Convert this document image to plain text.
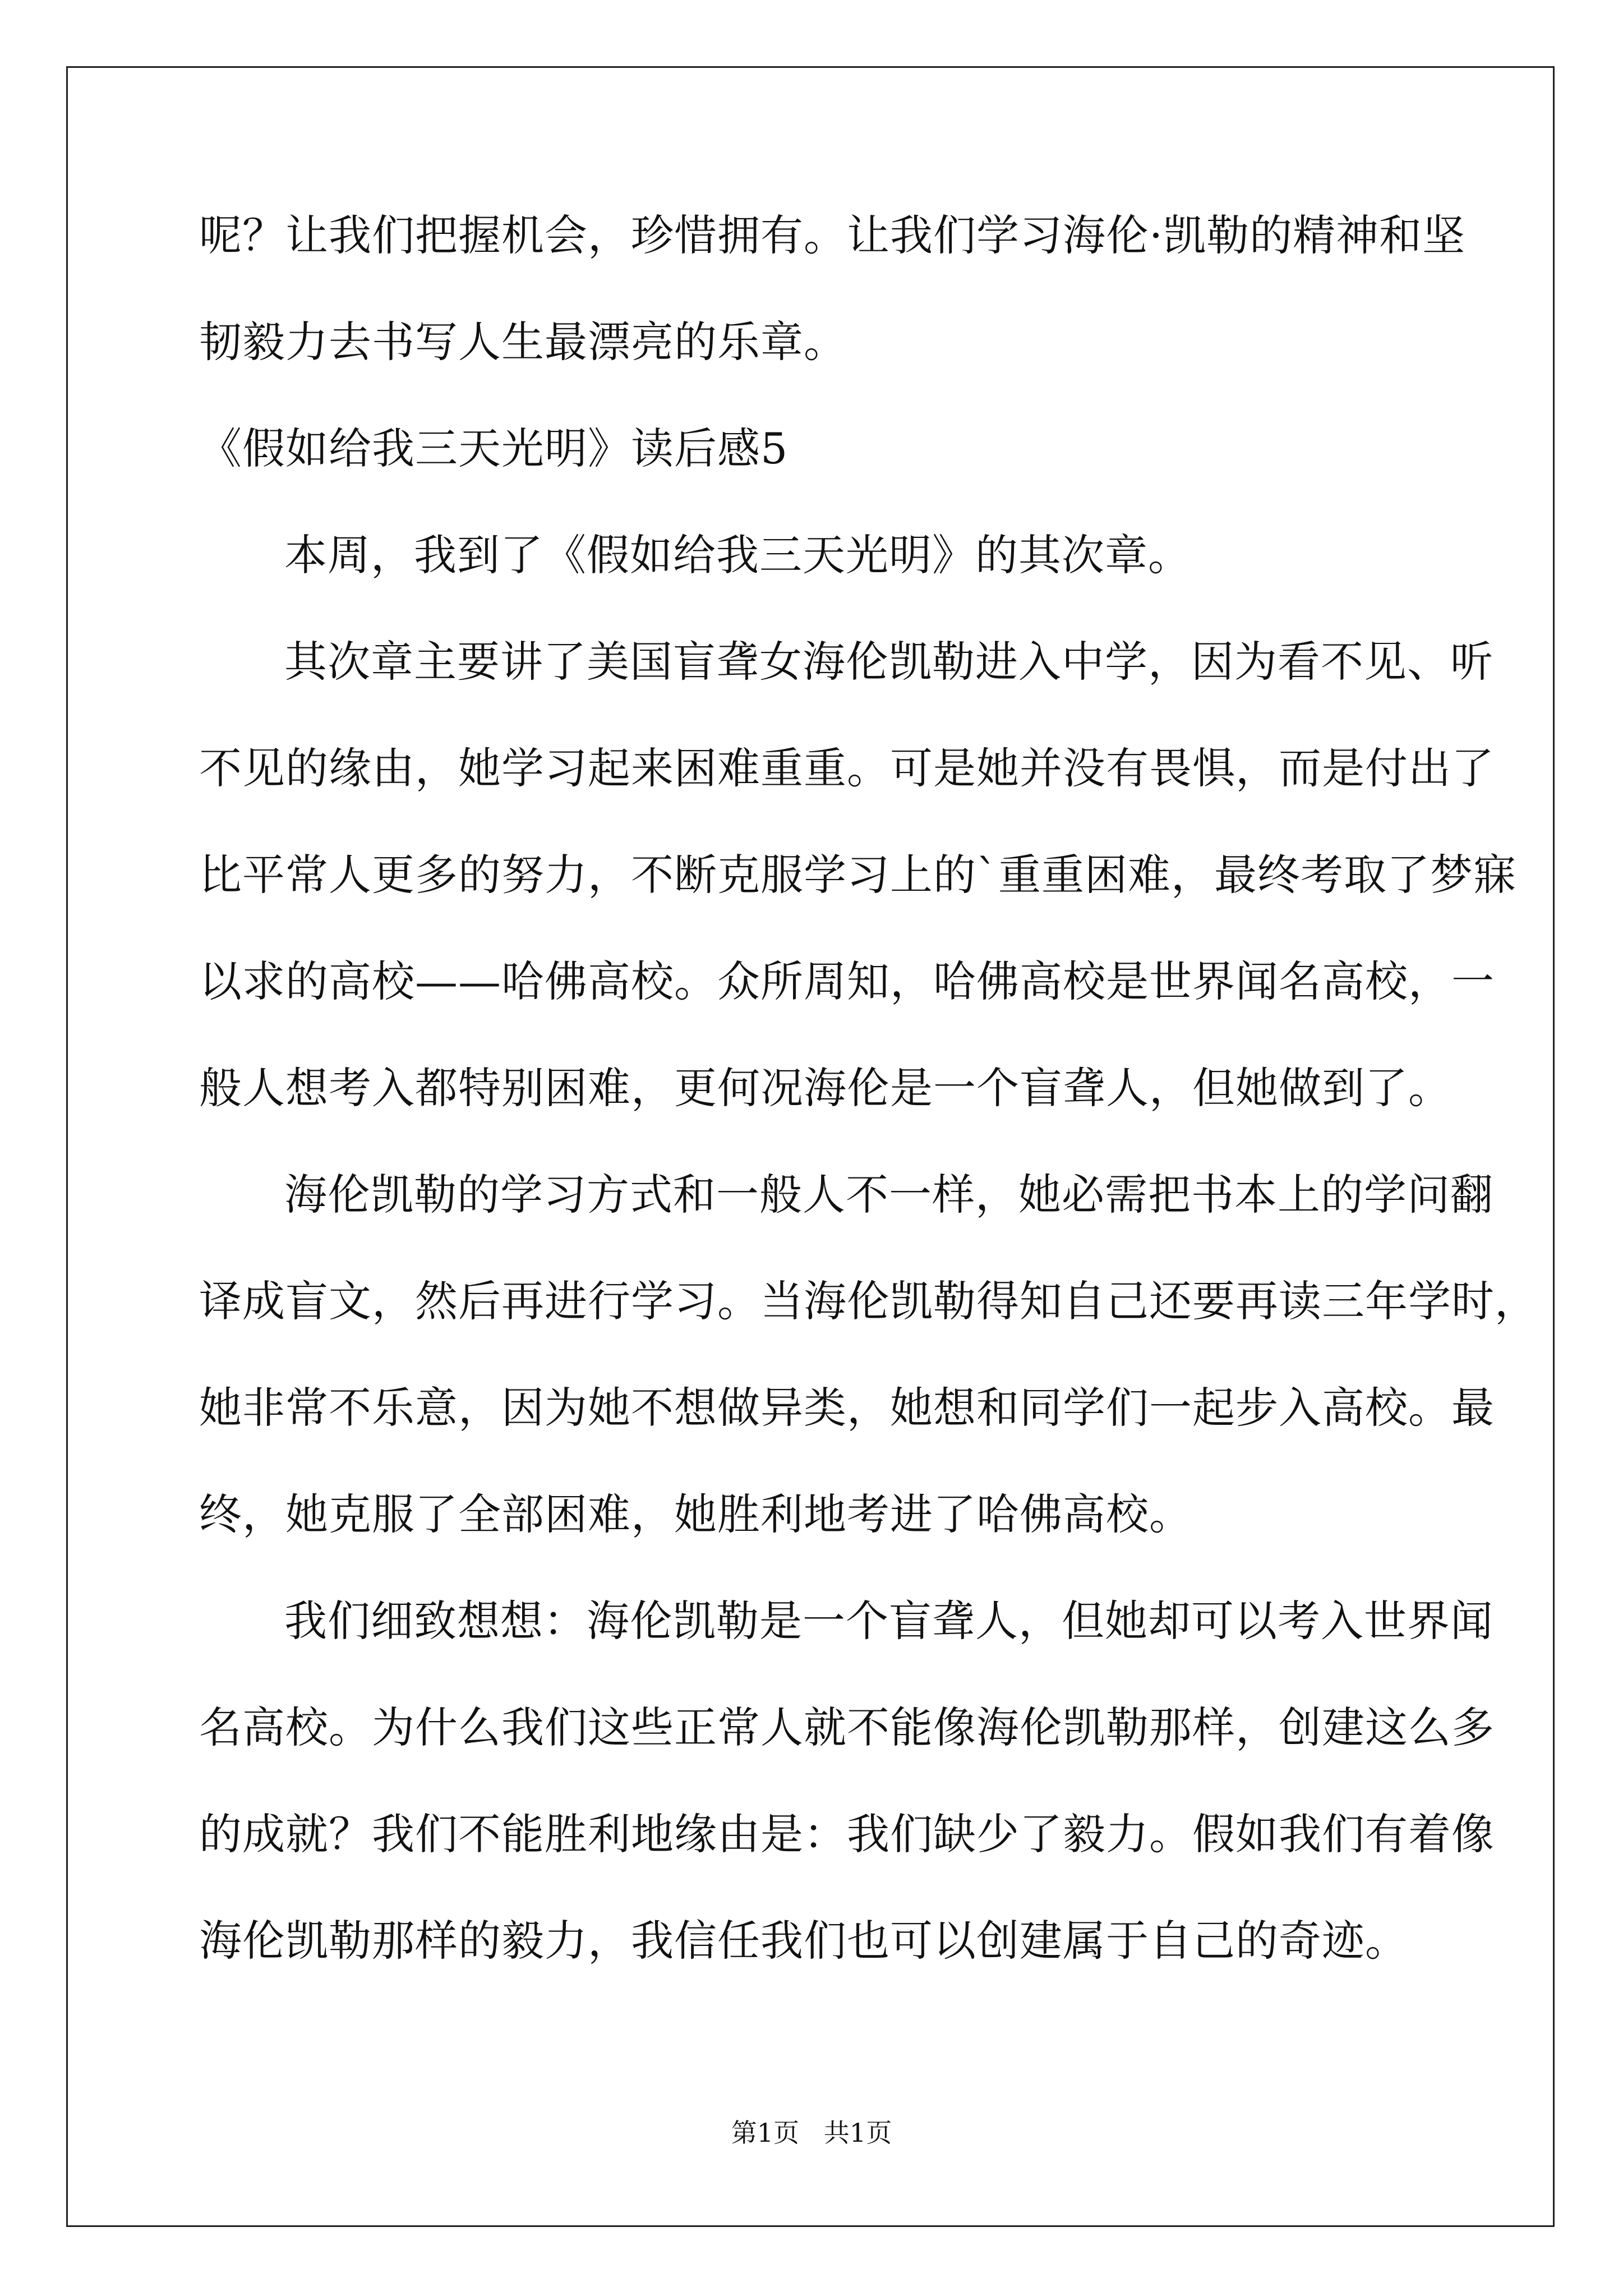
呢？让我们把握机会，珍惜拥有。让我们学习海伦·凯勒的精神和坚
韧毅力去书写人生最漂亮的乐章。
《假如给我三天光明》读后感5
本周，我到了《假如给我三天光明》的其次章。
其次章主要讲了美国盲聋女海伦凯勒进入中学，因为看不见、听
不见的缘由，她学习起来困难重重。可是她并没有畏惧，而是付出了
比平常人更多的努力，不断克服学习上的`重重困难，最终考取了梦寐
以求的高校——哈佛高校。众所周知，哈佛高校是世界闻名高校，一
般人想考入都特别困难，更何况海伦是一个盲聋人，但她做到了。
海伦凯勒的学习方式和一般人不一样，她必需把书本上的学问翻
译成盲文，然后再进行学习。当海伦凯勒得知自己还要再读三年学时，
她非常不乐意，因为她不想做异类，她想和同学们一起步入高校。最
终，她克服了全部困难，她胜利地考进了哈佛高校。
我们细致想想：海伦凯勒是一个盲聋人，但她却可以考入世界闻
名高校。为什么我们这些正常人就不能像海伦凯勒那样，创建这么多
的成就？我们不能胜利地缘由是：我们缺少了毅力。假如我们有着像
海伦凯勒那样的毅力，我信任我们也可以创建属于自己的奇迹。
第1页   共1页
